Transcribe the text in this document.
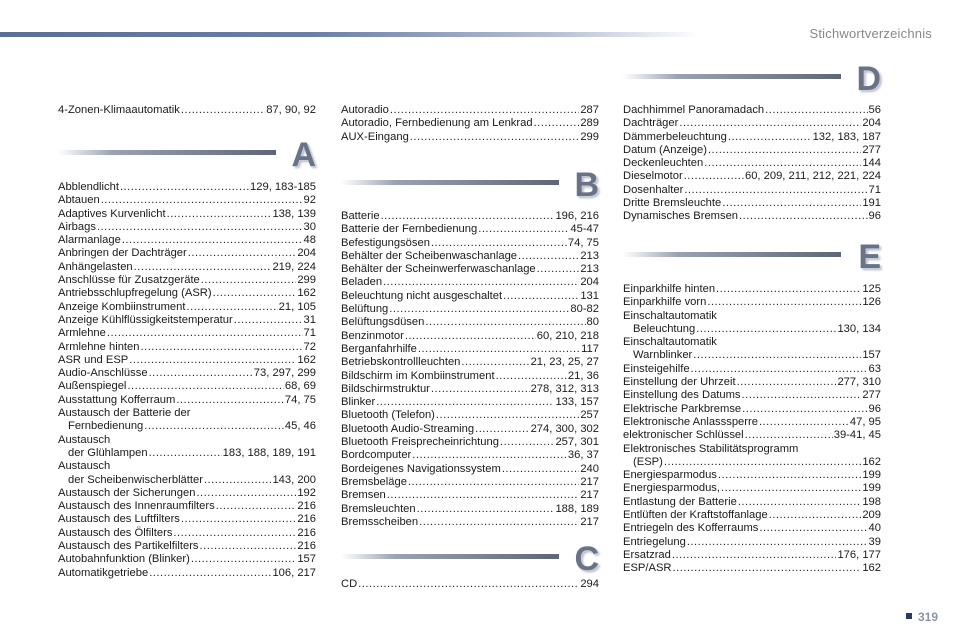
Stichwortverzeichnis
4-Zonen-Klimaautomatik .....	87, 90, 92
A
Abblendlicht .....	129, 183-185
Abtauen .....	92
Adaptives Kurvenlicht .....	138, 139
Airbags .....	30
Alarmanlage .....	48
Anbringen der Dachträger .....	204
Anhängelasten .....	219, 224
Anschlüsse für Zusatzgeräte .....	299
Antriebsschlupfregelung (ASR) .....	162
Anzeige Kombiinstrument .....	21, 105
Anzeige Kühlflüssigkeitstemperatur .....	31
Armlehne .....	71
Armlehne hinten .....	72
ASR und ESP .....	162
Audio-Anschlüsse .....	73, 297, 299
Außenspiegel .....	68, 69
Ausstattung Kofferraum .....	74, 75
Austausch der Batterie der
Fernbedienung .....	45, 46
Austausch
der Glühlampen .....	183, 188, 189, 191
Austausch
der Scheibenwischerblätter .....	143, 200
Austausch der Sicherungen .....	192
Austausch des Innenraumfilters .....	216
Austausch des Luftfilters .....	216
Austausch des Ölfilters .....	216
Austausch des Partikelfilters .....	216
Autobahnfunktion (Blinker) .....	157
Automatikgetriebe .....	106, 217
Autoradio .....	287
Autoradio, Fernbedienung am Lenkrad .....	289
AUX-Eingang .....	299
B
Batterie .....	196, 216
Batterie der Fernbedienung .....	45-47
Befestigungsösen .....	74, 75
Behälter der Scheibenwaschanlage .....	213
Behälter der Scheinwerferwaschanlage .....	213
Beladen .....	204
Beleuchtung nicht ausgeschaltet .....	131
Belüftung .....	80-82
Belüftungsdüsen .....	80
Benzinmotor .....	60, 210, 218
Berganfahrhilfe .....	117
Betriebskontrollleuchten .....	21, 23, 25, 27
Bildschirm im Kombiinstrument .....	21, 36
Bildschirmstruktur .....	278, 312, 313
Blinker .....	133, 157
Bluetooth (Telefon) .....	257
Bluetooth Audio-Streaming .....	274, 300, 302
Bluetooth Freisprecheinrichtung .....	257, 301
Bordcomputer .....	36, 37
Bordeigenes Navigationssystem .....	240
Bremsbeläge .....	217
Bremsen .....	217
Bremsleuchten .....	188, 189
Bremsscheiben .....	217
C
CD .....	294
D
Dachhimmel Panoramadach .....	56
Dachträger .....	204
Dämmerbeleuchtung .....	132, 183, 187
Datum (Anzeige) .....	277
Deckenleuchten .....	144
Dieselmotor .....	60, 209, 211, 212, 221, 224
Dosenhalter .....	71
Dritte Bremsleuchte .....	191
Dynamisches Bremsen .....	96
E
Einparkhilfe hinten .....	125
Einparkhilfe vorn .....	126
Einschaltautomatik
Beleuchtung .....	130, 134
Einschaltautomatik
Warnblinker .....	157
Einsteigehilfe .....	63
Einstellung der Uhrzeit .....	277, 310
Einstellung des Datums .....	277
Elektrische Parkbremse .....	96
Elektronische Anlasssperre .....	47, 95
elektronischer Schlüssel .....	39-41, 45
Elektronisches Stabilitätsprogramm
(ESP) .....	162
Energiesparmodus .....	199
Energiesparmodus, .....	199
Entlastung der Batterie .....	198
Entlüften der Kraftstoffanlage .....	209
Entriegeln des Kofferraums .....	40
Entriegelung .....	39
Ersatzrad .....	176, 177
ESP/ASR .....	162
319
